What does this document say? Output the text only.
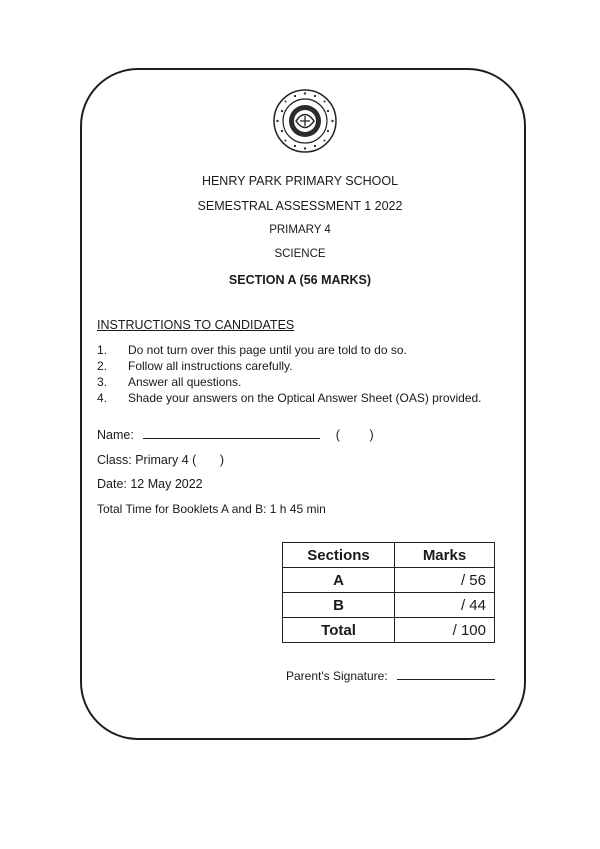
HENRY PARK PRIMARY SCHOOL
SEMESTRAL ASSESSMENT 1 2022
PRIMARY 4
SCIENCE
SECTION A (56 MARKS)
INSTRUCTIONS TO CANDIDATES
1. Do not turn over this page until you are told to do so.
2. Follow all instructions carefully.
3. Answer all questions.
4. Shade your answers on the Optical Answer Sheet (OAS) provided.
Name:	( )
Class: Primary 4 ( )
Date: 12 May 2022
Total Time for Booklets A and B: 1 h 45 min
Sections	Marks
A	/ 56
B	/ 44
Total	/ 100
Parent's Signature:
